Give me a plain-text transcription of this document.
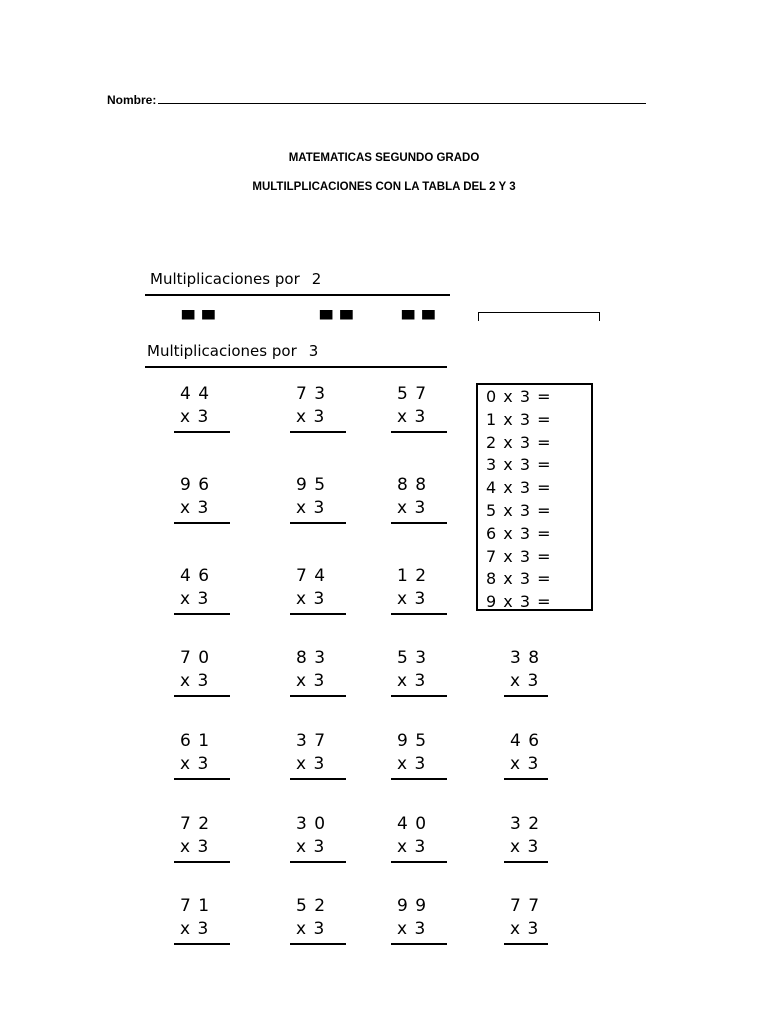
Nombre:
MATEMATICAS SEGUNDO GRADO
MULTILPLICACIONES CON LA TABLA DEL 2 Y 3
Multiplicaciones por 2
▀▀	▀▀	▀▀
Multiplicaciones por 3
4 4
x 3
7 3
x 3
5 7
x 3
9 6
x 3
9 5
x 3
8 8
x 3
4 6
x 3
7 4
x 3
1 2
x 3
7 0
x 3
8 3
x 3
5 3
x 3
3 8
x 3
6 1
x 3
3 7
x 3
9 5
x 3
4 6
x 3
7 2
x 3
3 0
x 3
4 0
x 3
3 2
x 3
7 1
x 3
5 2
x 3
9 9
x 3
7 7
x 3
0 x 3 =
1 x 3 =
2 x 3 =
3 x 3 =
4 x 3 =
5 x 3 =
6 x 3 =
7 x 3 =
8 x 3 =
9 x 3 =
